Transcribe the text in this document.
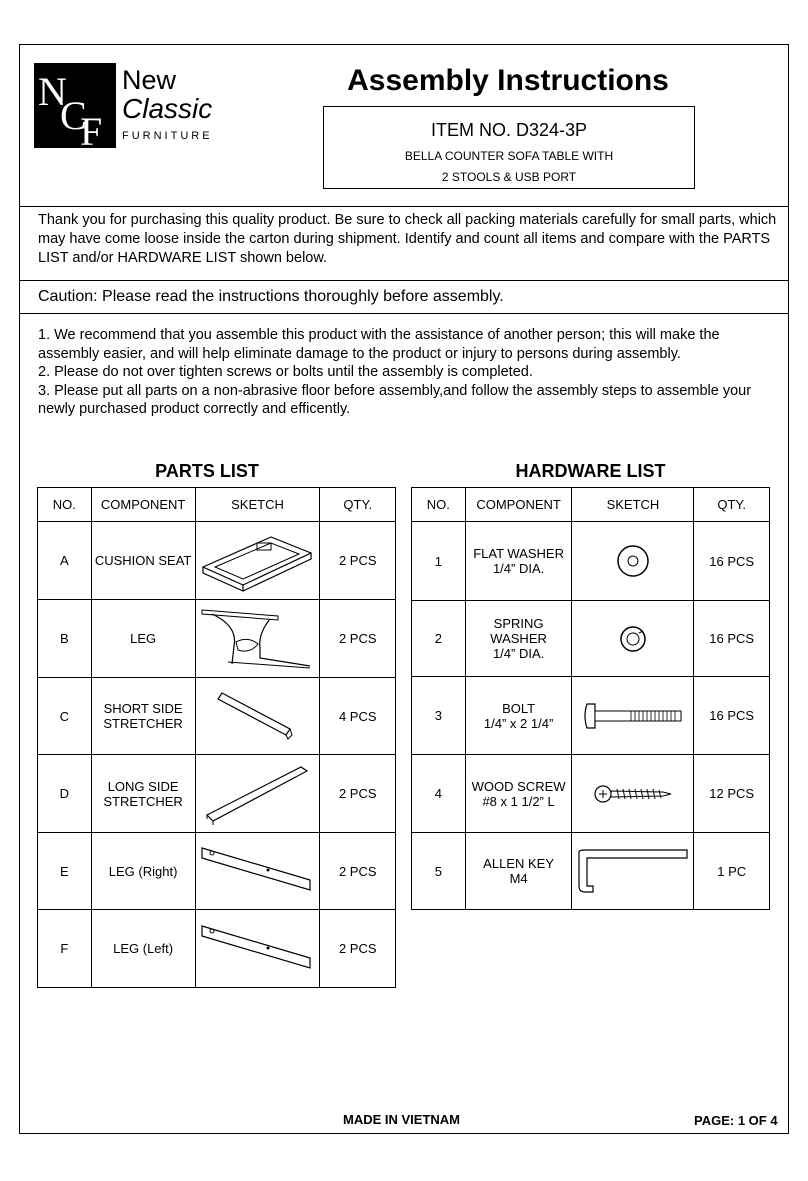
N
C
F
New
Classic
FURNITURE
Assembly Instructions
ITEM NO. D324-3P
BELLA COUNTER SOFA TABLE WITH
2 STOOLS & USB PORT
Thank you for purchasing this quality product. Be sure to check all packing materials carefully for small parts, which may have come loose inside the carton during shipment. Identify and count all items and compare with the PARTS LIST and/or HARDWARE LIST shown below.
Caution: Please read the instructions thoroughly before assembly.
1. We recommend that you assemble this product with the assistance of another person; this will make the assembly easier, and will help eliminate damage to the product or injury to persons during assembly.
2. Please do not over tighten screws or bolts until the assembly is completed.
3. Please put all parts on a non-abrasive floor before assembly,and follow the assembly steps to assemble your newly purchased product correctly and efficently.
PARTS LIST	HARDWARE LIST
NO.	COMPONENT	SKETCH	QTY.
A	CUSHION SEAT		2 PCS
B	LEG		2 PCS
C	SHORT SIDE STRETCHER		4 PCS
D	LONG SIDE STRETCHER		2 PCS
E	LEG (Right)		2 PCS
F	LEG (Left)		2 PCS
NO.	COMPONENT	SKETCH	QTY.
1	FLAT WASHER
1/4” DIA.		16 PCS
2	SPRING
WASHER
1/4” DIA.		16 PCS
3	BOLT
1/4” x 2 1/4”		16 PCS
4	WOOD SCREW
#8 x 1 1/2” L		12 PCS
5	ALLEN KEY
M4		1 PC
MADE IN VIETNAM	PAGE: 1 OF 4
